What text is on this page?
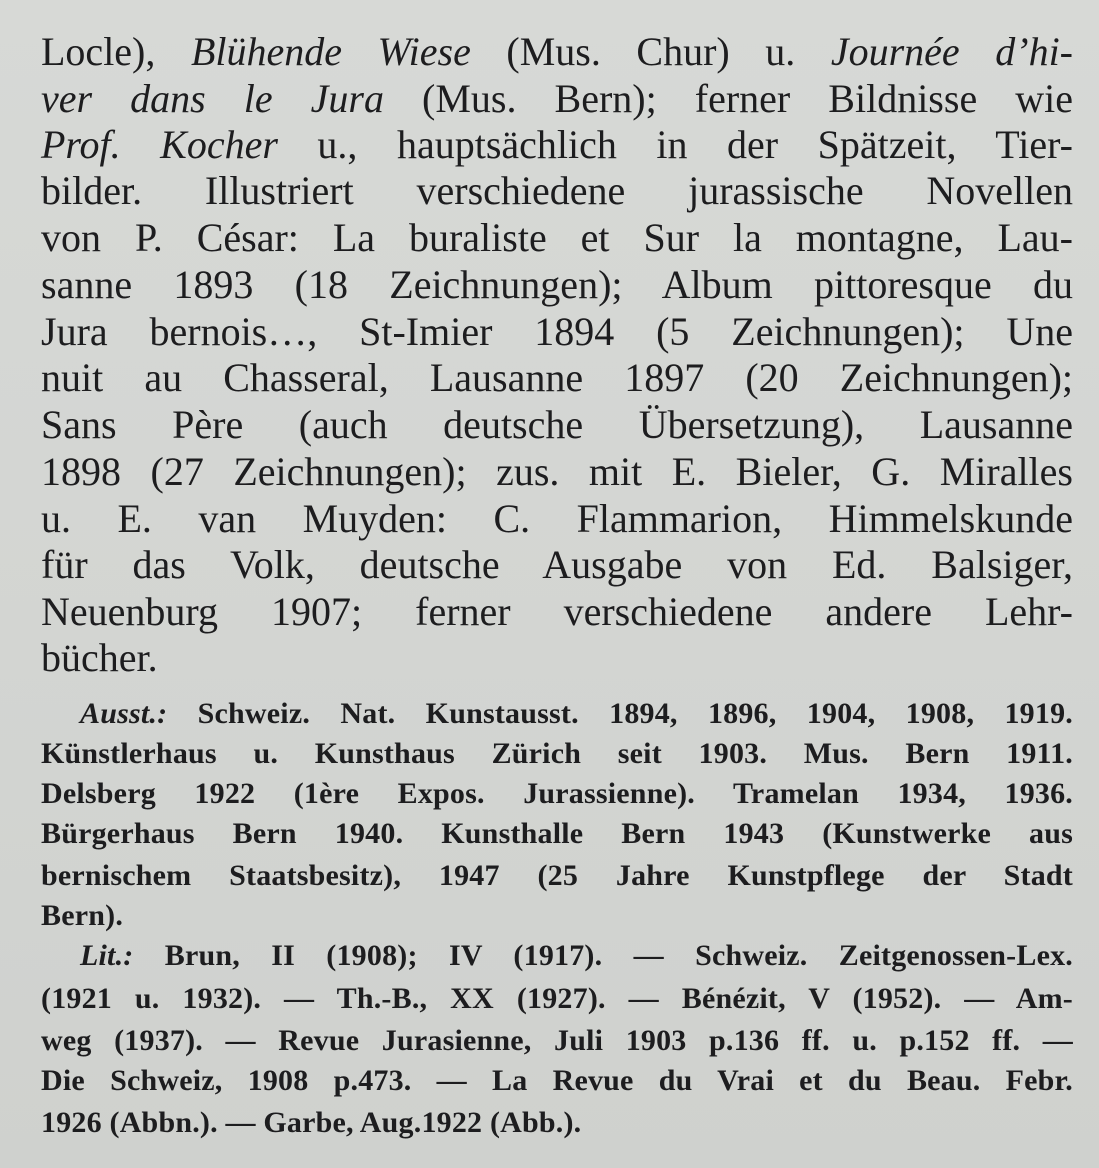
Locle), Blühende Wiese (Mus. Chur) u. Journée d’hi-
ver dans le Jura (Mus. Bern); ferner Bildnisse wie
Prof. Kocher u., hauptsächlich in der Spätzeit, Tier-
bilder. Illustriert verschiedene jurassische Novellen
von P. César: La buraliste et Sur la montagne, Lau-
sanne 1893 (18 Zeichnungen); Album pittoresque du
Jura bernois…, St-Imier 1894 (5 Zeichnungen); Une
nuit au Chasseral, Lausanne 1897 (20 Zeichnungen);
Sans Père (auch deutsche Übersetzung), Lausanne
1898 (27 Zeichnungen); zus. mit E. Bieler, G. Miralles
u. E. van Muyden: C. Flammarion, Himmelskunde
für das Volk, deutsche Ausgabe von Ed. Balsiger,
Neuenburg 1907; ferner verschiedene andere Lehr-
bücher.
Ausst.: Schweiz. Nat. Kunstausst. 1894, 1896, 1904, 1908, 1919.
Künstlerhaus u. Kunsthaus Zürich seit 1903. Mus. Bern 1911.
Delsberg 1922 (1ère Expos. Jurassienne). Tramelan 1934, 1936.
Bürgerhaus Bern 1940. Kunsthalle Bern 1943 (Kunstwerke aus
bernischem Staatsbesitz), 1947 (25 Jahre Kunstpflege der Stadt
Bern).
Lit.: Brun, II (1908); IV (1917). — Schweiz. Zeitgenossen-Lex.
(1921 u. 1932). — Th.-B., XX (1927). — Bénézit, V (1952). — Am-
weg (1937). — Revue Jurasienne, Juli 1903 p.136 ff. u. p.152 ff. —
Die Schweiz, 1908 p.473. — La Revue du Vrai et du Beau. Febr.
1926 (Abbn.). — Garbe, Aug.1922 (Abb.).
